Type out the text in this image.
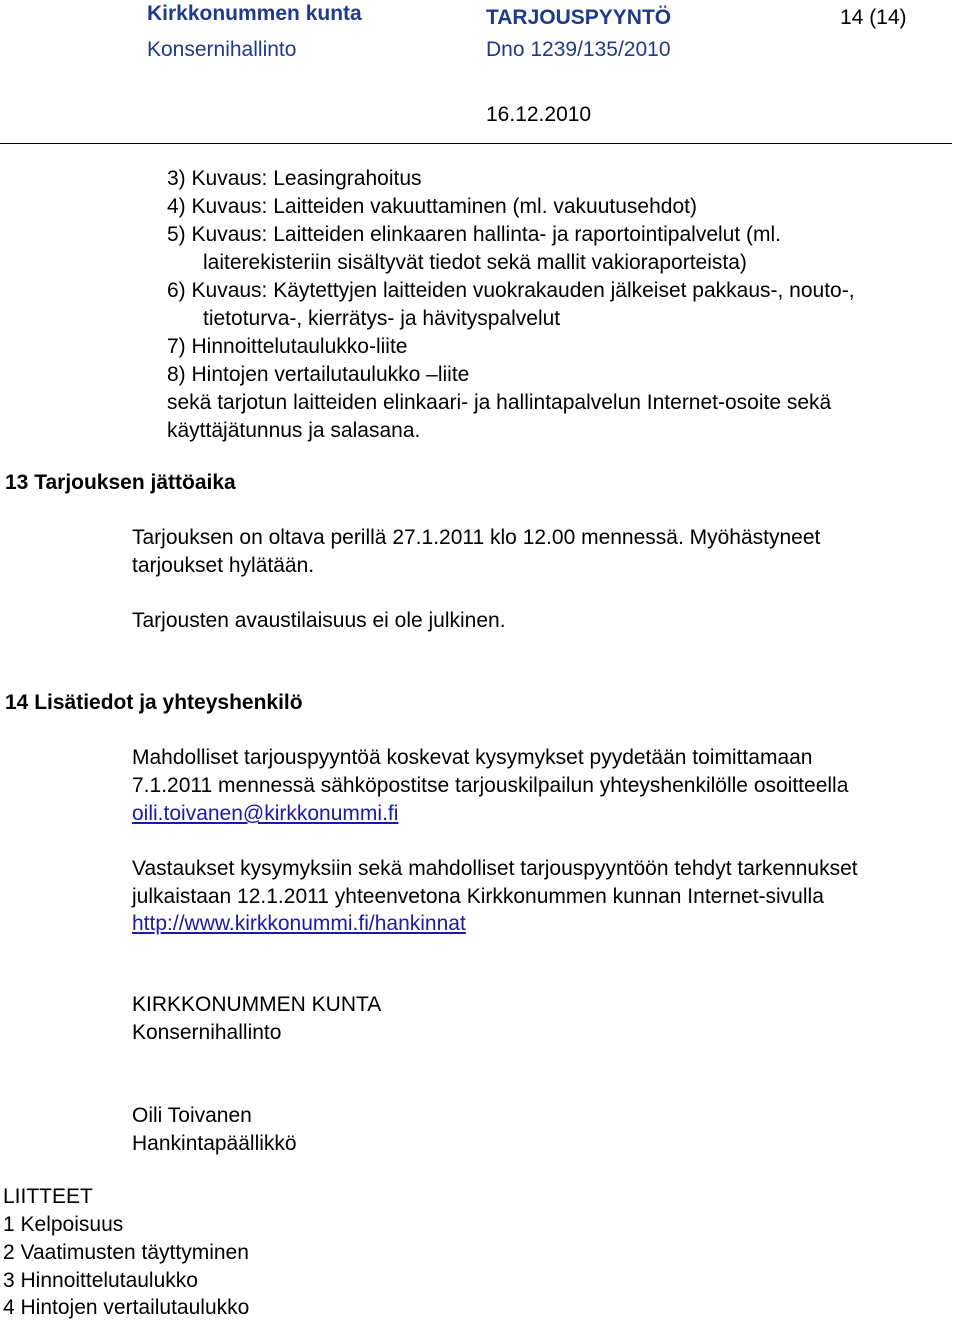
Kirkkonummen kunta	TARJOUSPYYNTÖ	14 (14)
Konsernihallinto	Dno 1239/135/2010
16.12.2010
3) Kuvaus: Leasingrahoitus
4) Kuvaus: Laitteiden vakuuttaminen (ml. vakuutusehdot)
5) Kuvaus: Laitteiden elinkaaren hallinta- ja raportointipalvelut (ml.
laiterekisteriin sisältyvät tiedot sekä mallit vakioraporteista)
6) Kuvaus: Käytettyjen laitteiden vuokrakauden jälkeiset pakkaus-, nouto-,
tietoturva-, kierrätys- ja hävityspalvelut
7) Hinnoittelutaulukko-liite
8) Hintojen vertailutaulukko –liite
sekä tarjotun laitteiden elinkaari- ja hallintapalvelun Internet-osoite sekä
käyttäjätunnus ja salasana.
13 Tarjouksen jättöaika
Tarjouksen on oltava perillä 27.1.2011 klo 12.00 mennessä. Myöhästyneet
tarjoukset hylätään.
Tarjousten avaustilaisuus ei ole julkinen.
14 Lisätiedot ja yhteyshenkilö
Mahdolliset tarjouspyyntöä koskevat kysymykset pyydetään toimittamaan
7.1.2011 mennessä sähköpostitse tarjouskilpailun yhteyshenkilölle osoitteella
oili.toivanen@kirkkonummi.fi
Vastaukset kysymyksiin sekä mahdolliset tarjouspyyntöön tehdyt tarkennukset
julkaistaan 12.1.2011 yhteenvetona Kirkkonummen kunnan Internet-sivulla
http://www.kirkkonummi.fi/hankinnat
KIRKKONUMMEN KUNTA
Konsernihallinto
Oili Toivanen
Hankintapäällikkö
LIITTEET
1 Kelpoisuus
2 Vaatimusten täyttyminen
3 Hinnoittelutaulukko
4 Hintojen vertailutaulukko
